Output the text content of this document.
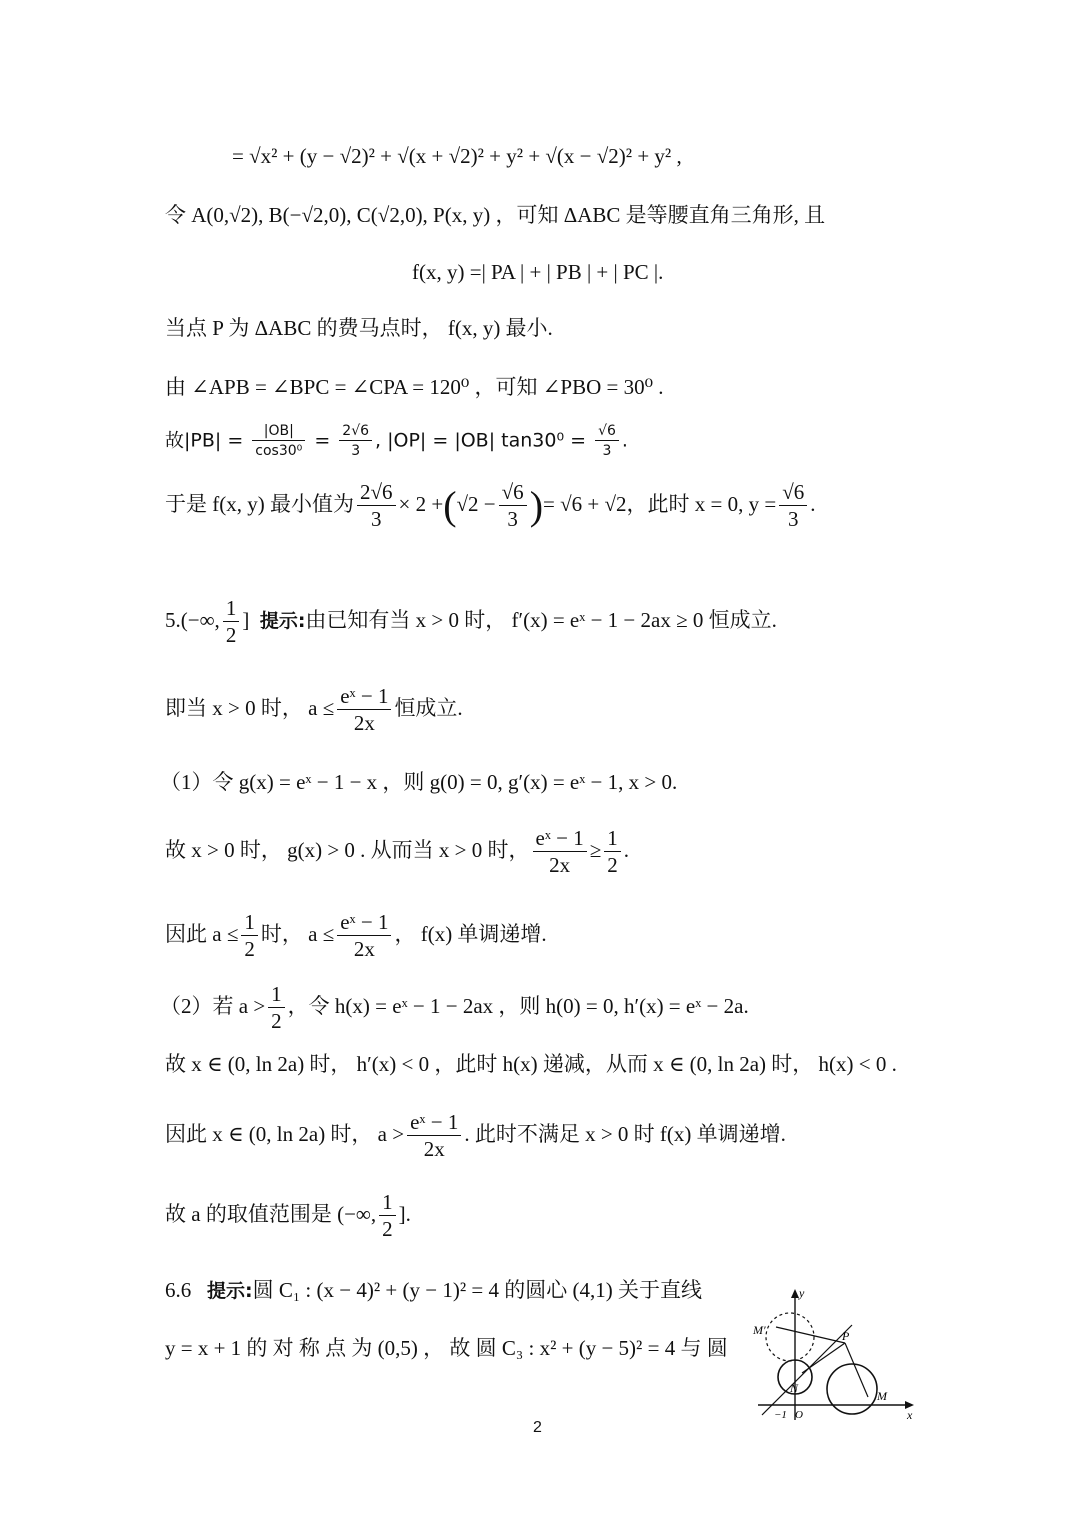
= √x² + (y − √2)² + √(x + √2)² + y² + √(x − √2)² + y² ,
令 A(0,√2), B(−√2,0), C(√2,0), P(x, y) ，可知 ΔABC 是等腰直角三角形, 且
f(x, y) =| PA | + | PB | + | PC |.
当点 P 为 ΔABC 的费马点时， f(x, y) 最小.
由 ∠APB = ∠BPC = ∠CPA = 120⁰ ，可知 ∠PBO = 30⁰ .
故$|PB| = \frac{|OB|}{\text{cos30⁰}} = \frac{2√6}{3}$ , |OP| = |OB| $\tan 30^0 = \frac{√6}{3}$ .
于是 f(x, y) 最小值为 $\frac{2√6}{3} \times 2 +(√2 - \frac{√6}{3}$ )= √6 + √2，此时 x = 0, $y = \frac{√6}{3}$ .
5.(−∞, $\frac{1}{2}$ ] 提示:由已知有当 x > 0 时， f′(x) = eˣ − 1 − 2ax ≥ 0 恒成立.
即当 x > 0 时， $a \le \frac{\text{eˣ − 1}}{2x}$ 恒成立.
（1）令 g(x) = eˣ − 1 − x ，则 g(0) = 0, g′(x) = eˣ − 1, x > 0.
故 x > 0 时， g(x) > 0 . 从而当 x > 0 时， $\frac{\text{eˣ − 1}}{2x} \ge \frac{1}{2}$ .
因此 $a \le \frac{1}{2}$ 时， $a \le \frac{\text{eˣ − 1}}{2x}$ ， f(x) 单调递增.
（2）若 $a > \frac{1}{2}$ ，令 h(x) = eˣ − 1 − 2ax ，则 h(0) = 0, h′(x) = eˣ − 2a.
故 x ∈ (0, ln 2a) 时， h′(x) < 0 ，此时 h(x) 递减，从而 x ∈ (0, ln 2a) 时， h(x) < 0 .
因此 x ∈ (0, ln 2a) 时， $a > \frac{\text{eˣ − 1}}{2x}$ . 此时不满足 x > 0 时 f(x) 单调递增.
故 a 的取值范围是 (−∞, $\frac{1}{2}$ ].
6.6 提示:圆 C₁ : (x − 4)² + (y − 1)² = 4 的圆心 (4,1) 关于直线
y = x + 1 的 对 称 点 为 (0,5) ， 故 圆 C₃ : x² + (y − 5)² = 4 与 圆
y
x
M′	P
N
M
O
−1
2
